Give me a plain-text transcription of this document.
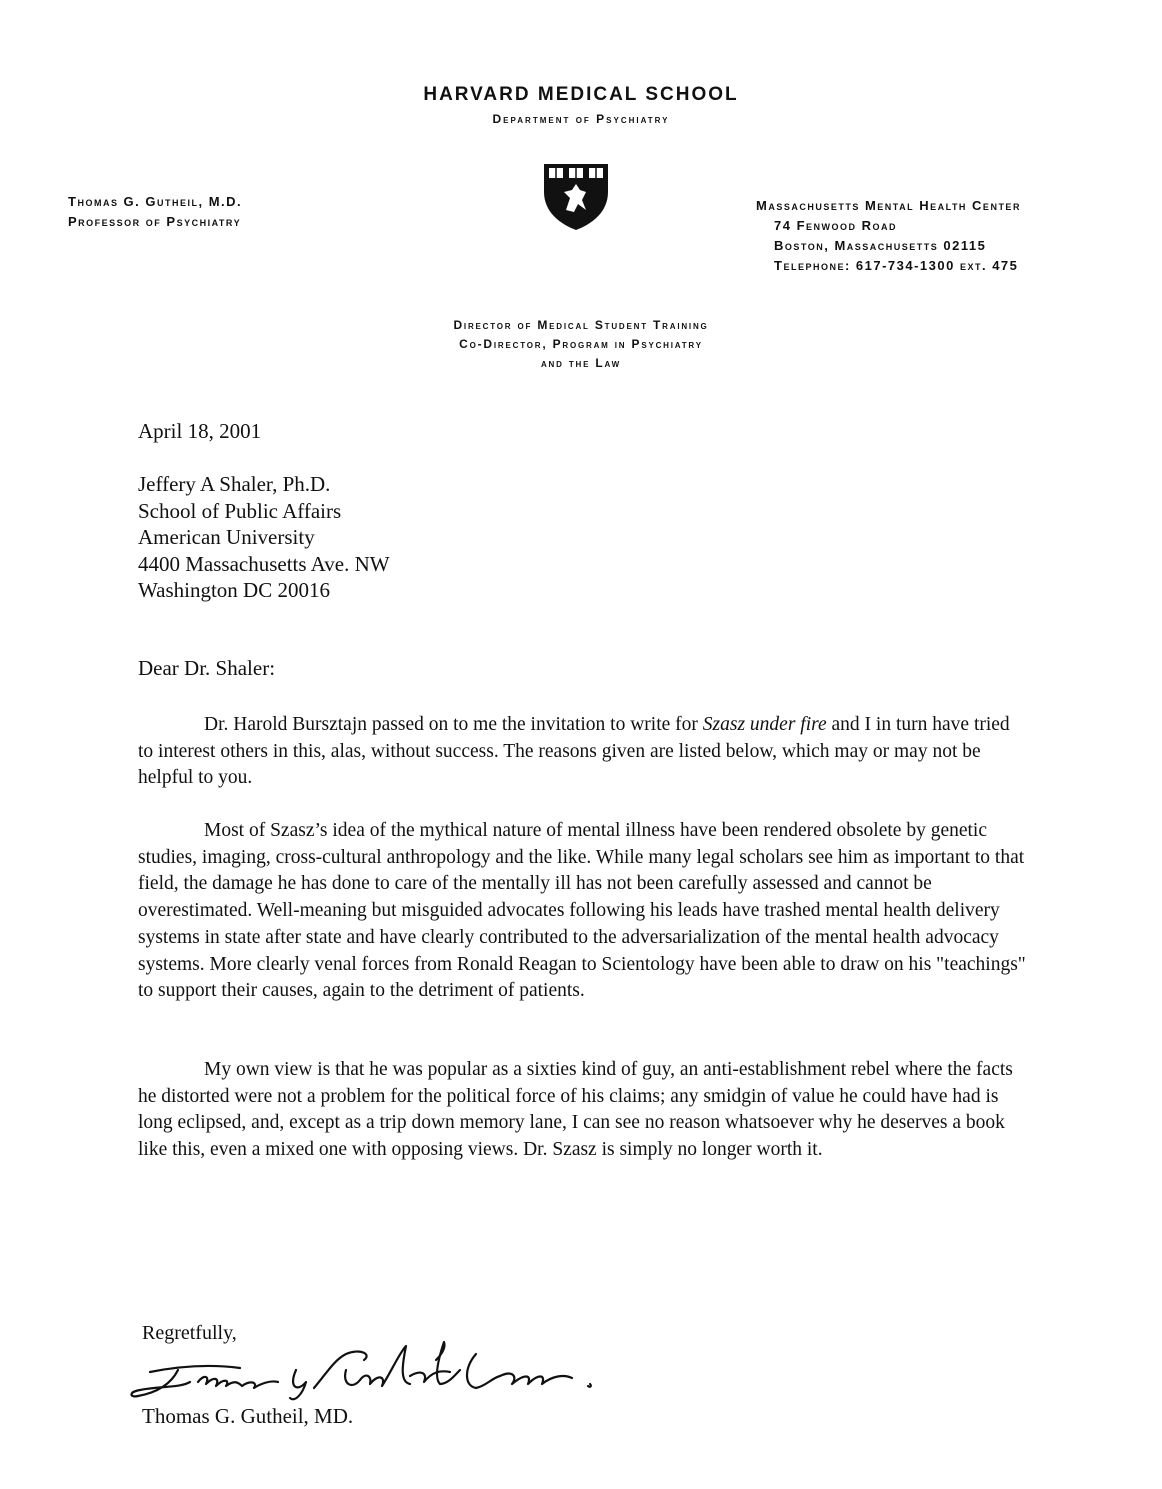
HARVARD MEDICAL SCHOOL
Department of Psychiatry
Thomas G. Gutheil, M.D.
Professor of Psychiatry
Massachusetts Mental Health Center
74 Fenwood Road
Boston, Massachusetts 02115
Telephone: 617-734-1300 ext. 475
Director of Medical Student Training
Co-Director, Program in Psychiatry
and the Law
April 18, 2001
Jeffery A Shaler, Ph.D.
School of Public Affairs
American University
4400 Massachusetts Ave. NW
Washington DC 20016
Dear Dr. Shaler:
Dr. Harold Bursztajn passed on to me the invitation to write for Szasz under fire and I in turn have tried to interest others in this, alas, without success. The reasons given are listed below, which may or may not be helpful to you.
Most of Szasz’s idea of the mythical nature of mental illness have been rendered obsolete by genetic studies, imaging, cross-cultural anthropology and the like. While many legal scholars see him as important to that field, the damage he has done to care of the mentally ill has not been carefully assessed and cannot be overestimated. Well-meaning but misguided advocates following his leads have trashed mental health delivery systems in state after state and have clearly contributed to the adversarialization of the mental health advocacy systems. More clearly venal forces from Ronald Reagan to Scientology have been able to draw on his "teachings" to support their causes, again to the detriment of patients.
My own view is that he was popular as a sixties kind of guy, an anti-establishment rebel where the facts he distorted were not a problem for the political force of his claims; any smidgin of value he could have had is long eclipsed, and, except as a trip down memory lane, I can see no reason whatsoever why he deserves a book like this, even a mixed one with opposing views. Dr. Szasz is simply no longer worth it.
Regretfully,
Thomas G. Gutheil, MD.
